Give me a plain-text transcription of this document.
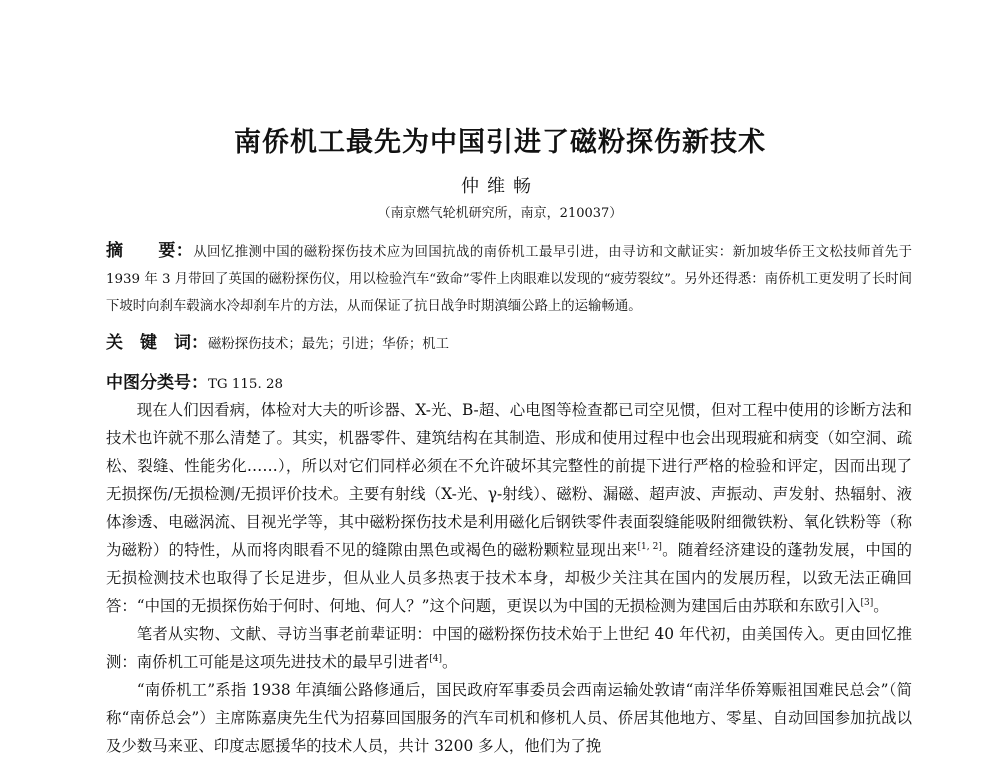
南侨机工最先为中国引进了磁粉探伤新技术
仲维畅
（南京燃气轮机研究所，南京，210037）
摘　　要：从回忆推测中国的磁粉探伤技术应为回国抗战的南侨机工最早引进，由寻访和文献证实：新加坡华侨王文松技师首先于 1939 年 3 月带回了英国的磁粉探伤仪，用以检验汽车“致命”零件上肉眼难以发现的“疲劳裂纹”。另外还得悉：南侨机工更发明了长时间下坡时向刹车毂滴水冷却刹车片的方法，从而保证了抗日战争时期滇缅公路上的运输畅通。
关　键　词：磁粉探伤技术；最先；引进；华侨；机工
中图分类号：TG 115. 28

现在人们因看病，体检对大夫的听诊器、X-光、B-超、心电图等检查都已司空见惯，但对工程中使用的诊断方法和技术也许就不那么清楚了。其实，机器零件、建筑结构在其制造、形成和使用过程中也会出现瑕疵和病变（如空洞、疏松、裂缝、性能劣化……），所以对它们同样必须在不允许破坏其完整性的前提下进行严格的检验和评定，因而出现了无损探伤/无损检测/无损评价技术。主要有射线（X-光、γ-射线）、磁粉、漏磁、超声波、声振动、声发射、热辐射、液体渗透、电磁涡流、目视光学等，其中磁粉探伤技术是利用磁化后钢铁零件表面裂缝能吸附细微铁粉、氧化铁粉等（称为磁粉）的特性，从而将肉眼看不见的缝隙由黑色或褐色的磁粉颗粒显现出来[1, 2]。随着经济建设的蓬勃发展，中国的无损检测技术也取得了长足进步，但从业人员多热衷于技术本身，却极少关注其在国内的发展历程，以致无法正确回答：“中国的无损探伤始于何时、何地、何人？”这个问题，更误以为中国的无损检测为建国后由苏联和东欧引入[3]。

笔者从实物、文献、寻访当事老前辈证明：中国的磁粉探伤技术始于上世纪 40 年代初，由美国传入。更由回忆推测：南侨机工可能是这项先进技术的最早引进者[4]。

“南侨机工”系指 1938 年滇缅公路修通后，国民政府军事委员会西南运输处敦请“南洋华侨筹赈祖国难民总会”（简称“南侨总会”）主席陈嘉庚先生代为招募回国服务的汽车司机和修机人员、侨居其他地方、零星、自动回国参加抗战以及少数马来亚、印度志愿援华的技术人员，共计 3200 多人，他们为了挽
